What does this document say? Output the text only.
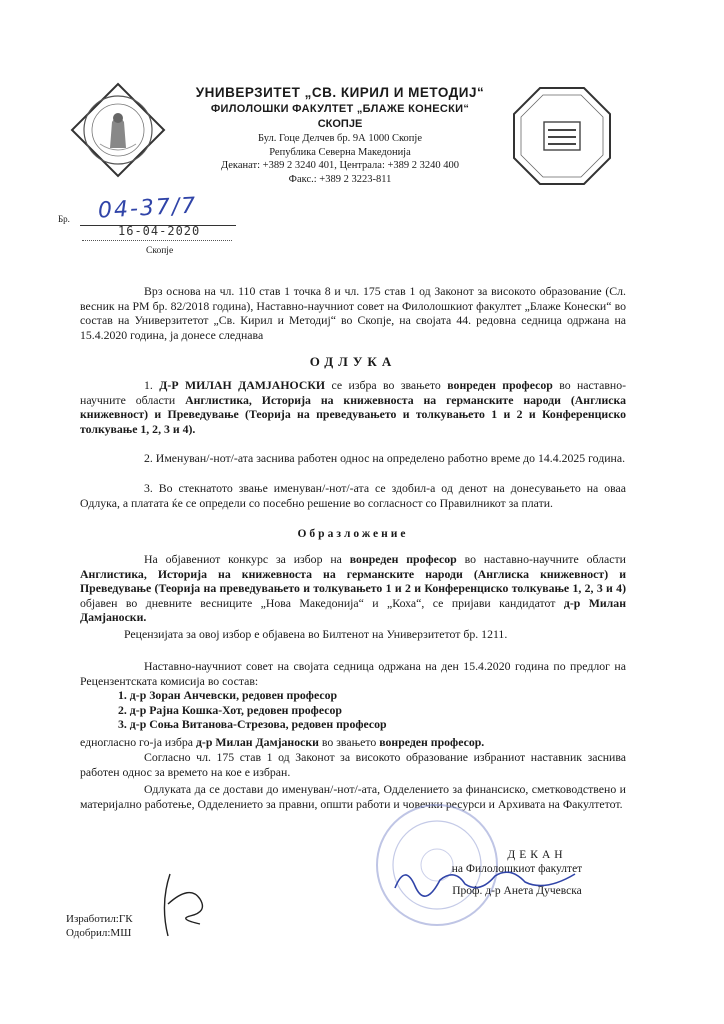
УНИВЕРЗИТЕТ „СВ. КИРИЛ И МЕТОДИЈ“
ФИЛОЛОШКИ ФАКУЛТЕТ „БЛАЖЕ КОНЕСКИ“
СКОПЈЕ
Бул. Гоце Делчев бр. 9А 1000 Скопје
Република Северна Македонија
Деканат: +389 2 3240 401, Централа: +389 2 3240 400
Факс.: +389 2 3223-811
Бр. 04-37/7
16-04-2020
Скопје
Врз основа на чл. 110 став 1 точка 8 и чл. 175 став 1 од Законот за високото образование (Сл. весник на РМ бр. 82/2018 година), Наставно-научниот совет на Филолошкиот факултет „Блаже Конески“ во состав на Универзитетот „Св. Кирил и Методиј“ во Скопје, на својата 44. редовна седница одржана на 15.4.2020 година, ја донесе следнава
ОДЛУКА
1. Д-Р МИЛАН ДАМЈАНОСКИ се избра во звањето вонреден професор во наставно-научните области Англистика, Историја на книжевноста на германските народи (Англиска книжевност) и Преведување (Теорија на преведувањето и толкувањето 1 и 2 и Конференциско толкување 1, 2, 3 и 4).
2. Именуван/-нот/-ата заснива работен однос на определено работно време до 14.4.2025 година.
3. Во стекнатото звање именуван/-нот/-ата се здобил-а од денот на донесувањето на оваа Одлука, а платата ќе се определи со посебно решение во согласност со Правилникот за плати.
Образложение
На објавениот конкурс за избор на вонреден професор во наставно-научните области Англистика, Историја на книжевноста на германските народи (Англиска книжевност) и Преведување (Теорија на преведувањето и толкувањето 1 и 2 и Конференциско толкување 1, 2, 3 и 4) објавен во дневните весниците „Нова Македонија“ и „Коха“, се пријави кандидатот д-р Милан Дамјаноски.
Рецензијата за овој избор е објавена во Билтенот на Универзитетот бр. 1211.
Наставно-научниот совет на својата седница одржана на ден 15.4.2020 година по предлог на Рецензентската комисија во состав:
1. д-р Зоран Анчевски, редовен професор
2. д-р Рајна Кошка-Хот, редовен професор
3. д-р Соња Витанова-Стрезова, редовен професор
едногласно го-ја избра д-р Милан Дамјаноски во звањето вонреден професор.
Согласно чл. 175 став 1 од Законот за високото образование избраниот наставник заснива работен однос за времето на кое е избран.
Одлуката да се достави до именуван/-нот/-ата, Одделението за финансиско, сметководствено и материјално работење, Одделението за правни, општи работи и човечки ресурси и Архивата на Факултетот.
ДЕКАН
на Филолошкиот факултет
Проф. д-р Анета Дучевска
Изработил:ГК
Одобрил:МШ
